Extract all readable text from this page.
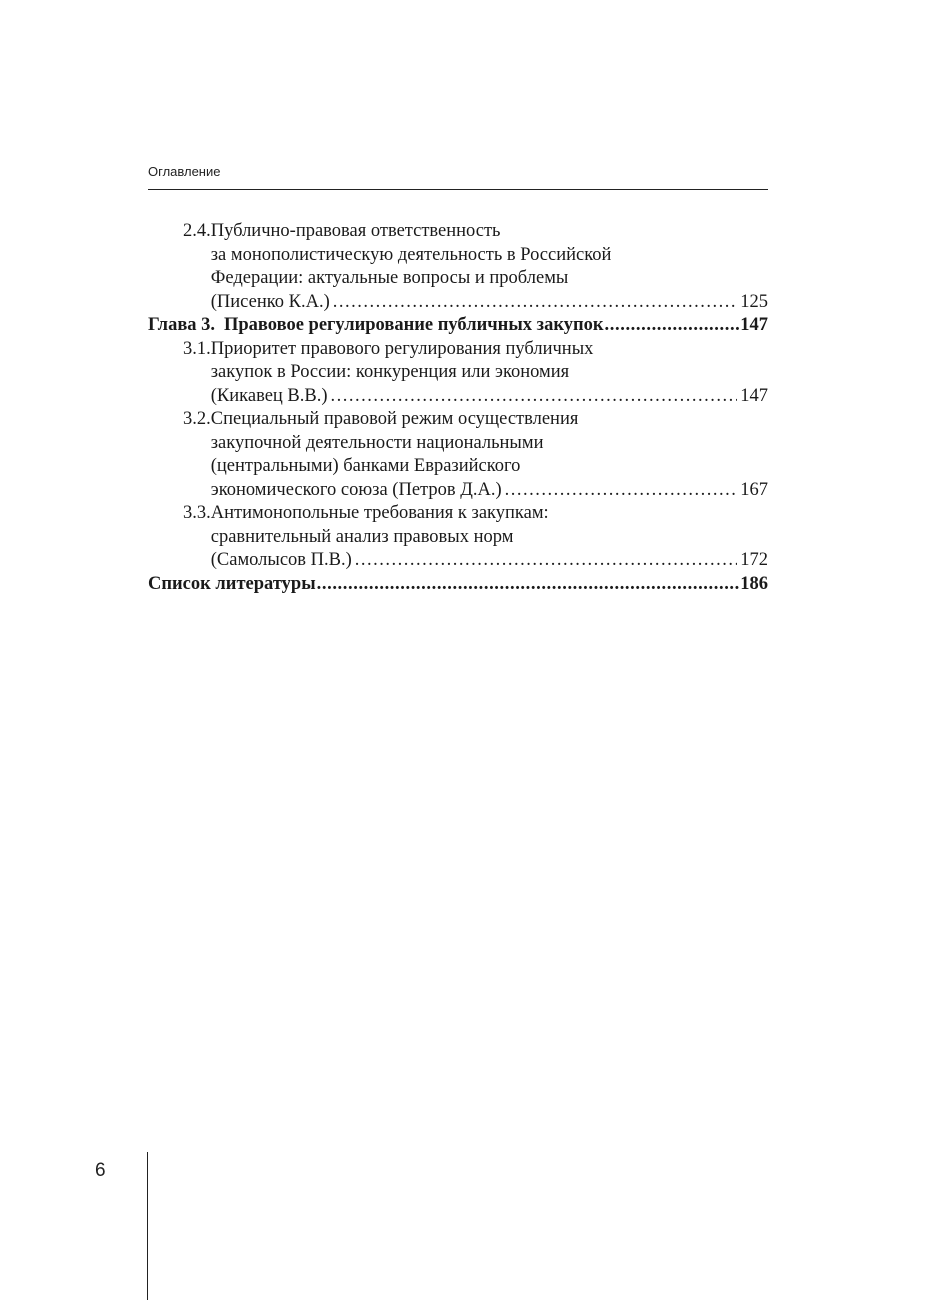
Оглавление
2.4. Публично-правовая ответственность
за монополистическую деятельность в Российской
Федерации: актуальные вопросы и проблемы
(Писенко К.А.) .....	125
Глава 3. Правовое регулирование публичных закупок .....	147
3.1. Приоритет правового регулирования публичных
закупок в России: конкуренция или экономия
(Кикавец В.В.) .....	147
3.2. Специальный правовой режим осуществления
закупочной деятельности национальными
(центральными) банками Евразийского
экономического союза (Петров Д.А.) .....	167
3.3. Антимонопольные требования к закупкам:
сравнительный анализ правовых норм
(Самолысов П.В.) .....	172
Список литературы .....	186
6
